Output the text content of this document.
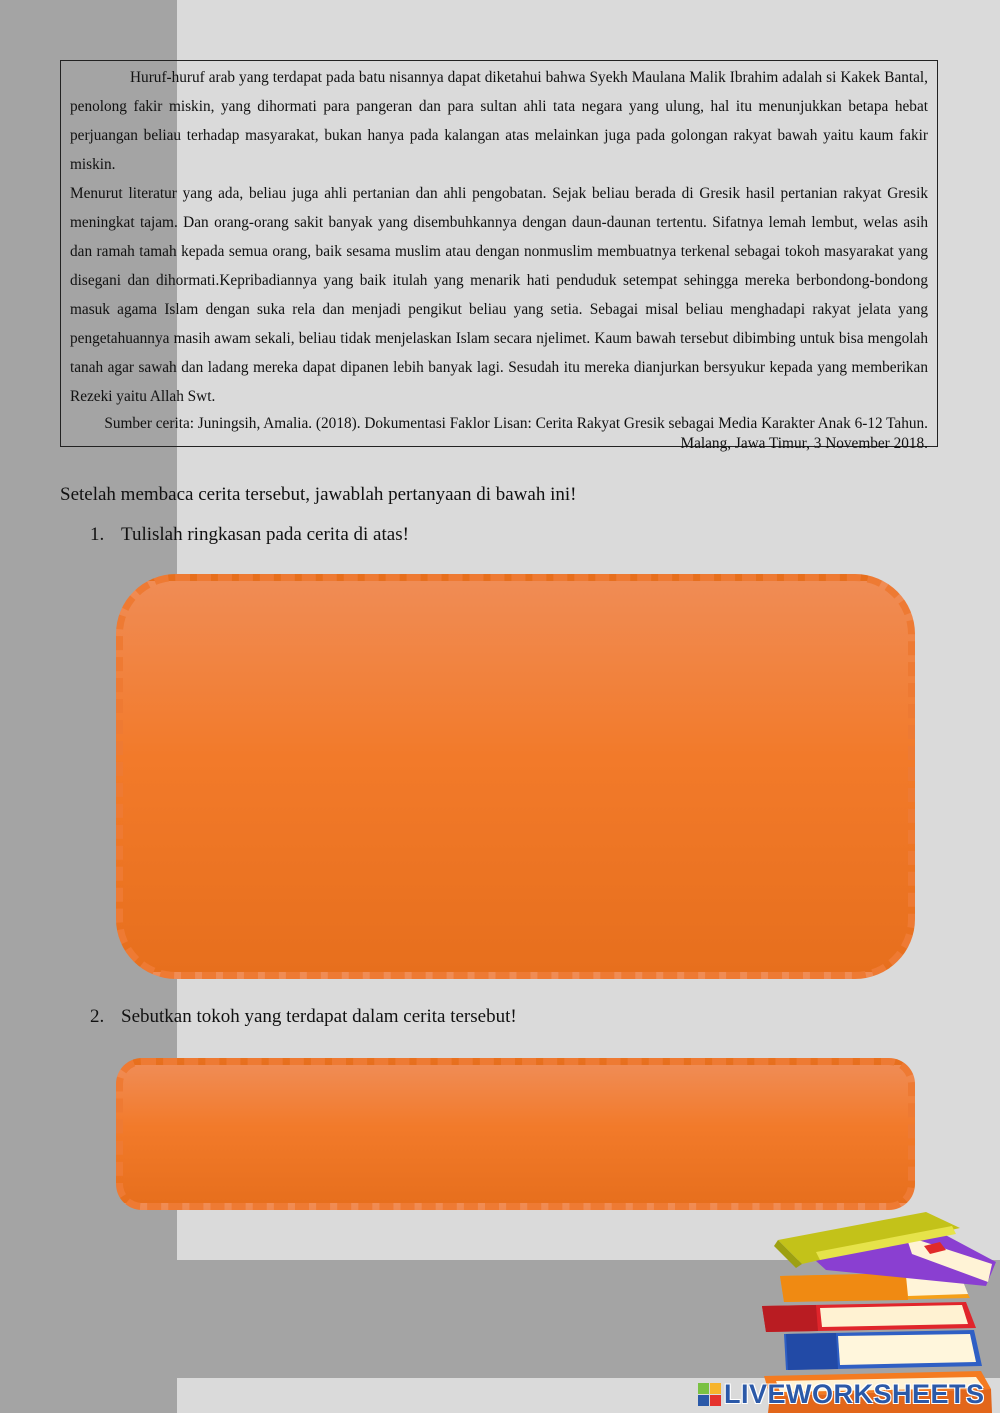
Huruf-huruf arab yang terdapat pada batu nisannya dapat diketahui bahwa Syekh Maulana Malik Ibrahim adalah si Kakek Bantal, penolong fakir miskin, yang dihormati para pangeran dan para sultan ahli tata negara yang ulung, hal itu menunjukkan betapa hebat perjuangan beliau terhadap masyarakat, bukan hanya pada kalangan atas melainkan juga pada golongan rakyat bawah yaitu kaum fakir miskin.

Menurut literatur yang ada, beliau juga ahli pertanian dan ahli pengobatan. Sejak beliau berada di Gresik hasil pertanian rakyat Gresik meningkat tajam. Dan orang-orang sakit banyak yang disembuhkannya dengan daun-daunan tertentu. Sifatnya lemah lembut, welas asih dan ramah tamah kepada semua orang, baik sesama muslim atau dengan nonmuslim membuatnya terkenal sebagai tokoh masyarakat yang disegani dan dihormati.Kepribadiannya yang baik itulah yang menarik hati penduduk setempat sehingga mereka berbondong-bondong masuk agama Islam dengan suka rela dan menjadi pengikut beliau yang setia. Sebagai misal beliau menghadapi rakyat jelata yang pengetahuannya masih awam sekali, beliau tidak menjelaskan Islam secara njelimet. Kaum bawah tersebut dibimbing untuk bisa mengolah tanah agar sawah dan ladang mereka dapat dipanen lebih banyak lagi. Sesudah itu mereka dianjurkan bersyukur kepada yang memberikan Rezeki yaitu Allah Swt.

Sumber cerita: Juningsih, Amalia. (2018). Dokumentasi Faklor Lisan: Cerita Rakyat Gresik sebagai Media Karakter Anak 6-12 Tahun. Malang, Jawa Timur, 3 November 2018.

Setelah membaca cerita tersebut, jawablah pertanyaan di bawah ini!

1. Tulislah ringkasan pada cerita di atas!

2. Sebutkan tokoh yang terdapat dalam cerita tersebut!

LIVEWORKSHEETS
